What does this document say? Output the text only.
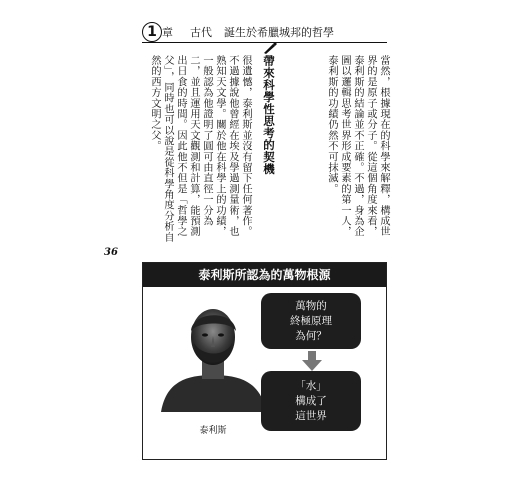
1 章 古代 誕生於希臘城邦的哲學
當然，根據現在的科學來解釋，構成世界的是原子或分子。從這個角度來看，泰利斯的結論並不正確。不過，身為企圖以邏輯思考世界形成要素的第一人，泰利斯的功績仍然不可抹滅。
帶來科學性思考的契機
很遺憾，泰利斯並沒有留下任何著作。不過據說他曾經在埃及學過測量術，也熟知天文學。關於他在科學上的功績，一般認為他證明了圓可由直徑一分為二，並且運用天文觀測和計算，能預測出日食的時間。因此他不但是「哲學之父」，同時也可以說是從科學角度分析自然的西方文明之父。
36
泰利斯所認為的萬物根源
泰利斯
萬物的
終極原理
為何？
「水」
構成了
這世界
